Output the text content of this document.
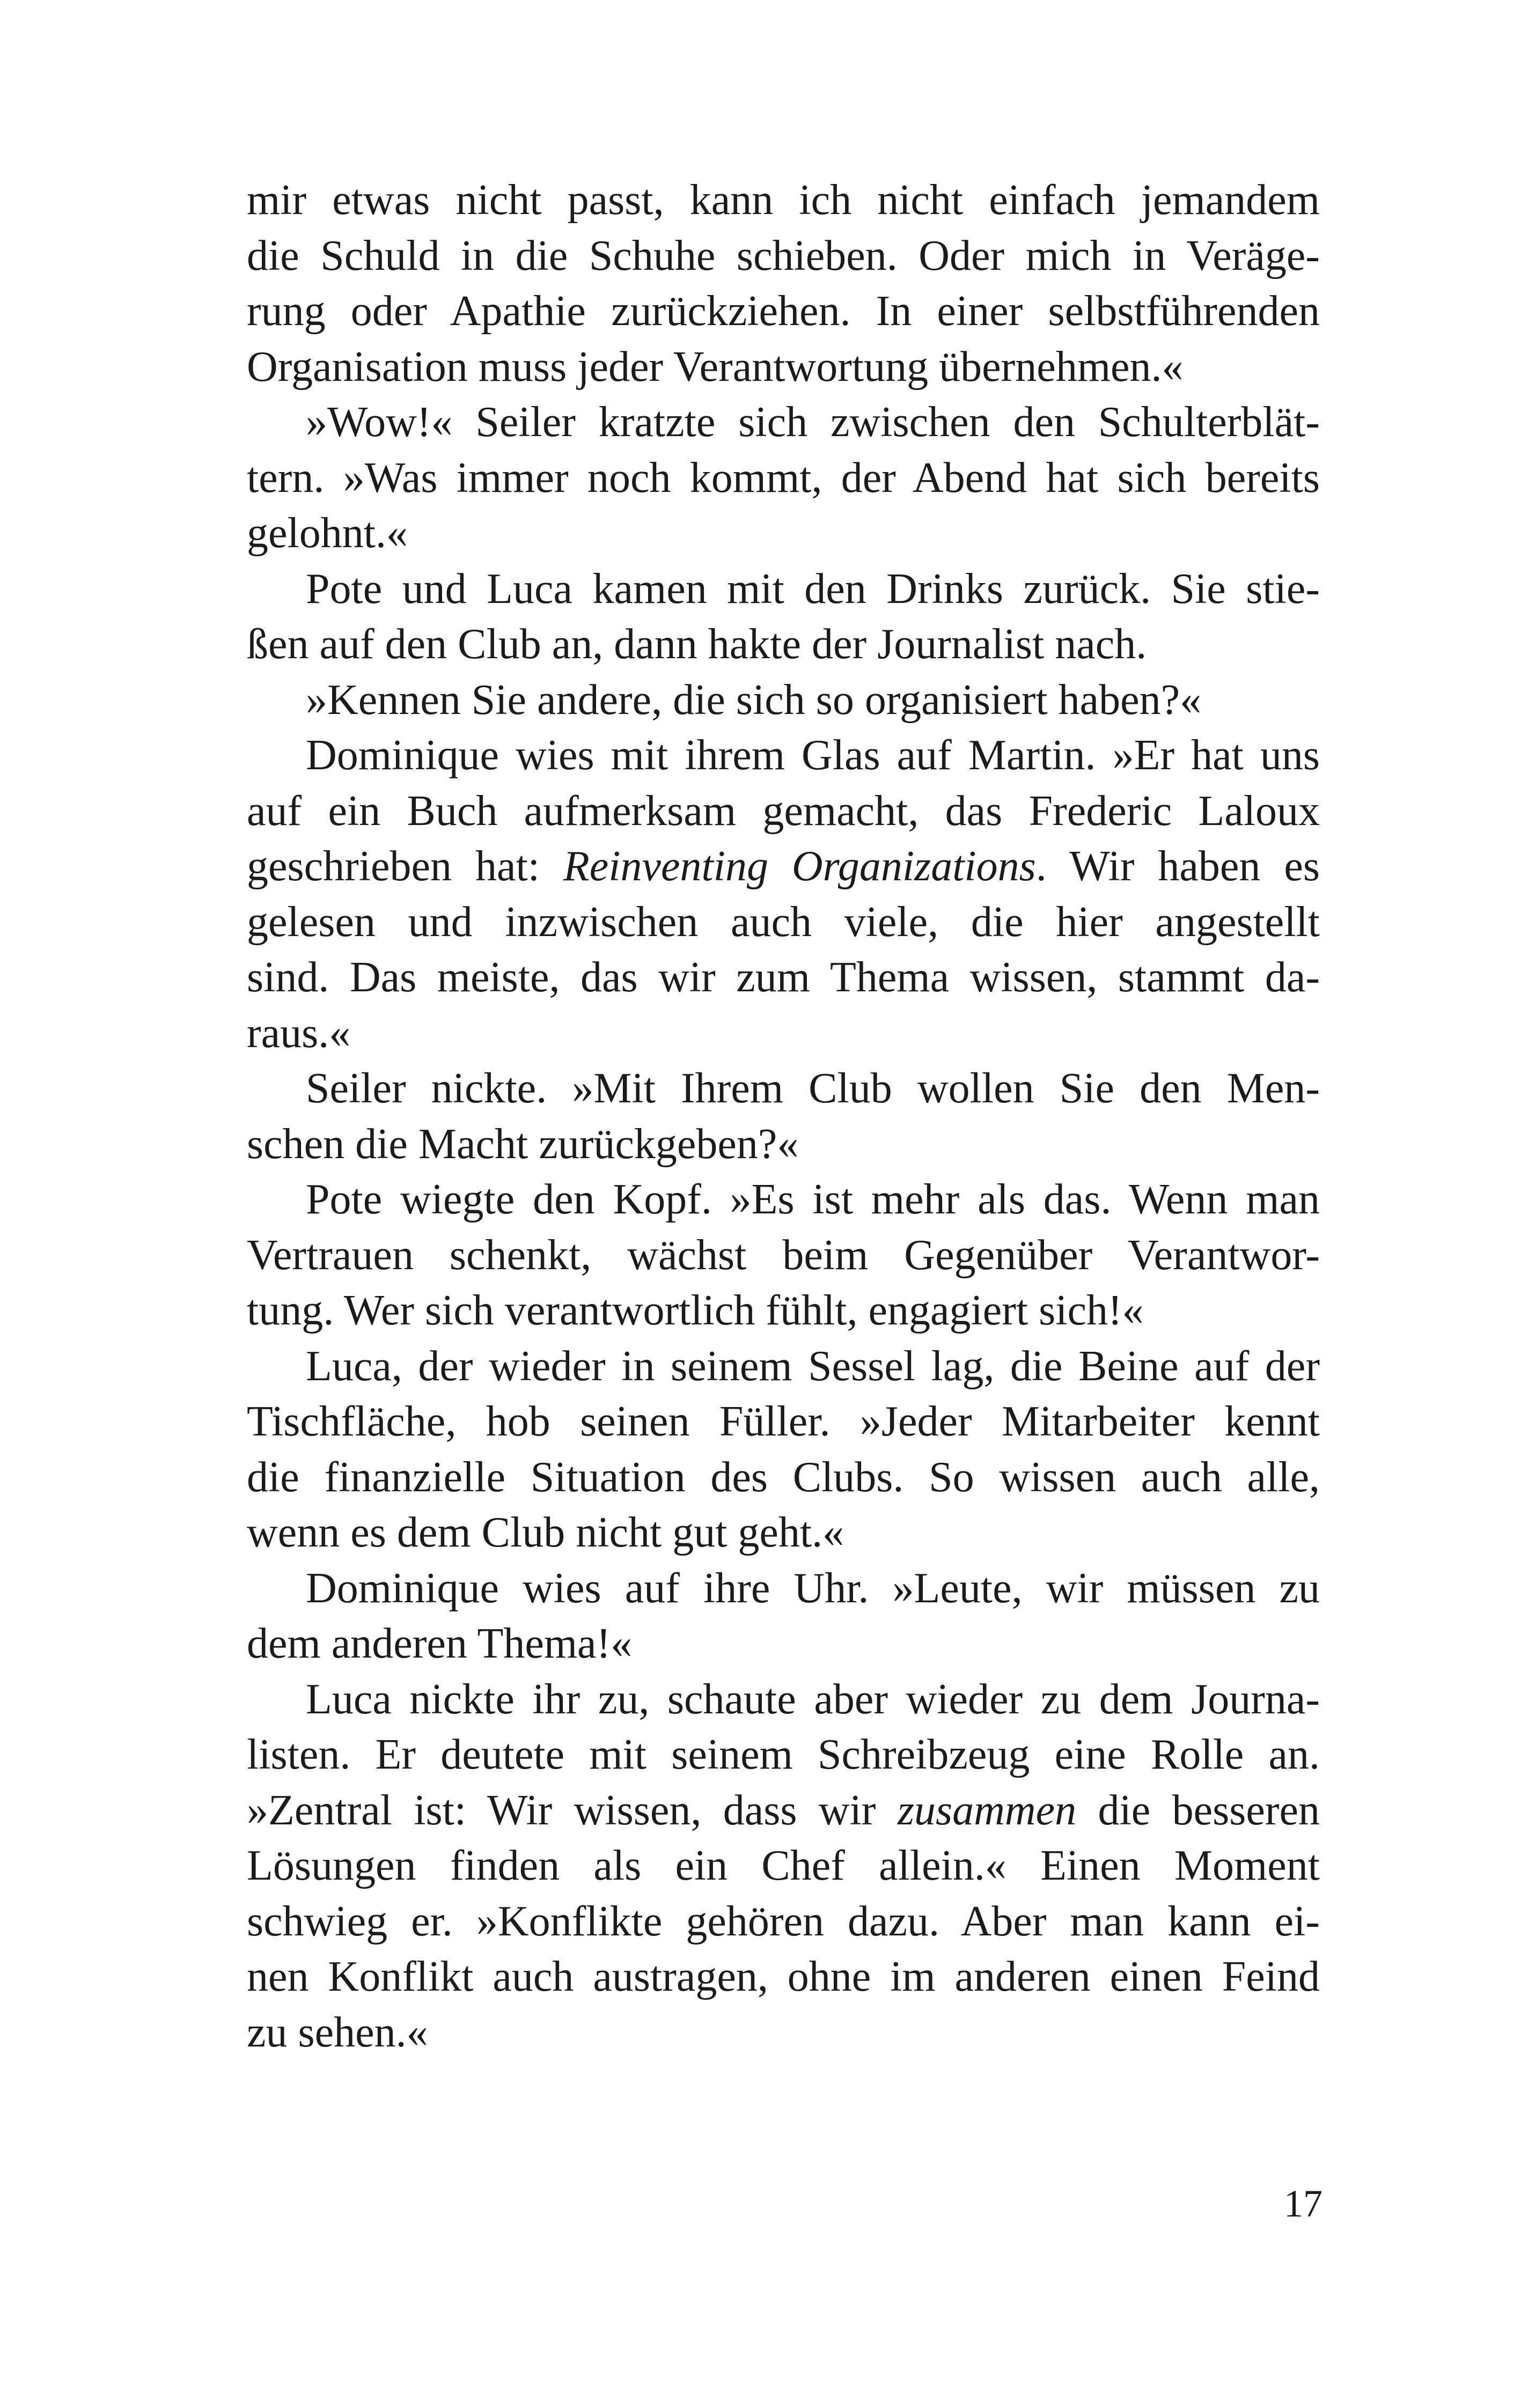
mir etwas nicht passt, kann ich nicht einfach jemandem
die Schuld in die Schuhe schieben. Oder mich in Veräge-
rung oder Apathie zurückziehen. In einer selbstführenden
Organisation muss jeder Verantwortung übernehmen.«
»Wow!« Seiler kratzte sich zwischen den Schulterblät-
tern. »Was immer noch kommt, der Abend hat sich bereits
gelohnt.«
Pote und Luca kamen mit den Drinks zurück. Sie stie-
ßen auf den Club an, dann hakte der Journalist nach.
»Kennen Sie andere, die sich so organisiert haben?«
Dominique wies mit ihrem Glas auf Martin. »Er hat uns
auf ein Buch aufmerksam gemacht, das Frederic Laloux
geschrieben hat: Reinventing Organizations. Wir haben es
gelesen und inzwischen auch viele, die hier angestellt
sind. Das meiste, das wir zum Thema wissen, stammt da-
raus.«
Seiler nickte. »Mit Ihrem Club wollen Sie den Men-
schen die Macht zurückgeben?«
Pote wiegte den Kopf. »Es ist mehr als das. Wenn man
Vertrauen schenkt, wächst beim Gegenüber Verantwor-
tung. Wer sich verantwortlich fühlt, engagiert sich!«
Luca, der wieder in seinem Sessel lag, die Beine auf der
Tischfläche, hob seinen Füller. »Jeder Mitarbeiter kennt
die finanzielle Situation des Clubs. So wissen auch alle,
wenn es dem Club nicht gut geht.«
Dominique wies auf ihre Uhr. »Leute, wir müssen zu
dem anderen Thema!«
Luca nickte ihr zu, schaute aber wieder zu dem Journa-
listen. Er deutete mit seinem Schreibzeug eine Rolle an.
»Zentral ist: Wir wissen, dass wir zusammen die besseren
Lösungen finden als ein Chef allein.« Einen Moment
schwieg er. »Konflikte gehören dazu. Aber man kann ei-
nen Konflikt auch austragen, ohne im anderen einen Feind
zu sehen.«
17
